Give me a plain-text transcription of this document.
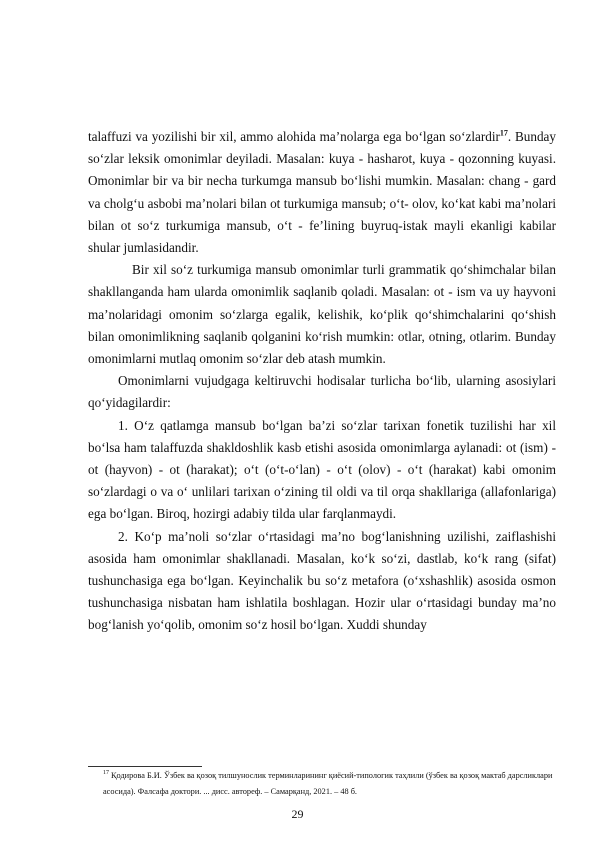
talaffuzi va yozilishi bir xil, ammo alohida ma’nolarga ega bo‘lgan so‘zlardir$^{17}$. Bunday so‘zlar leksik omonimlar deyiladi. Masalan: kuya - hasharot, kuya - qozonning kuyasi. Omonimlar bir va bir necha turkumga mansub bo‘lishi mumkin. Masalan: chang - gard va cholg‘u asbobi ma’nolari bilan ot turkumiga mansub; o‘t- olov, ko‘kat kabi ma’nolari bilan ot so‘z turkumiga mansub, o‘t - fe’lining buyruq-istak mayli ekanligi kabilar shular jumlasidandir.

Bir xil so‘z turkumiga mansub omonimlar turli grammatik qo‘shimchalar bilan shakllanganda ham ularda omonimlik saqlanib qoladi. Masalan: ot - ism va uy hayvoni ma’nolaridagi omonim so‘zlarga egalik, kelishik, ko‘plik qo‘shimchalarini qo‘shish bilan omonimlikning saqlanib qolganini ko‘rish mumkin: otlar, otning, otlarim. Bunday omonimlarni mutlaq omonim so‘zlar deb atash mumkin.

Omonimlarni vujudgaga keltiruvchi hodisalar turlicha bo‘lib, ularning asosiylari qo‘yidagilardir:

1. O‘z qatlamga mansub bo‘lgan ba’zi so‘zlar tarixan fonetik tuzilishi har xil bo‘lsa ham talaffuzda shakldoshlik kasb etishi asosida omonimlarga aylanadi: ot (ism) - ot (hayvon) - ot (harakat); o‘t (o‘t-o‘lan) - o‘t (olov) - o‘t (harakat) kabi omonim so‘zlardagi o va o‘ unlilari tarixan o‘zining til oldi va til orqa shakllariga (allafonlariga) ega bo‘lgan. Biroq, hozirgi adabiy tilda ular farqlanmaydi.

2. Ko‘p ma’noli so‘zlar o‘rtasidagi ma’no bog‘lanishning uzilishi, zaiflashishi asosida ham omonimlar shakllanadi. Masalan, ko‘k so‘zi, dastlab, ko‘k rang (sifat) tushunchasiga ega bo‘lgan. Keyinchalik bu so‘z metafora (o‘xshashlik) asosida osmon tushunchasiga nisbatan ham ishlatila boshlagan. Hozir ular o‘rtasidagi bunday ma’no bog‘lanish yo‘qolib, omonim so‘z hosil bo‘lgan. Xuddi shunday

$^{17}$ Қодирова Б.И. Ўзбек ва қозоқ тилшунослик терминларининг қиёсий-типологик таҳлили (ўзбек ва қозоқ мактаб дарсликлари асосида). Фалсафа доктори. ... дисс. автореф. – Самарқанд, 2021. – 48 б.
29
